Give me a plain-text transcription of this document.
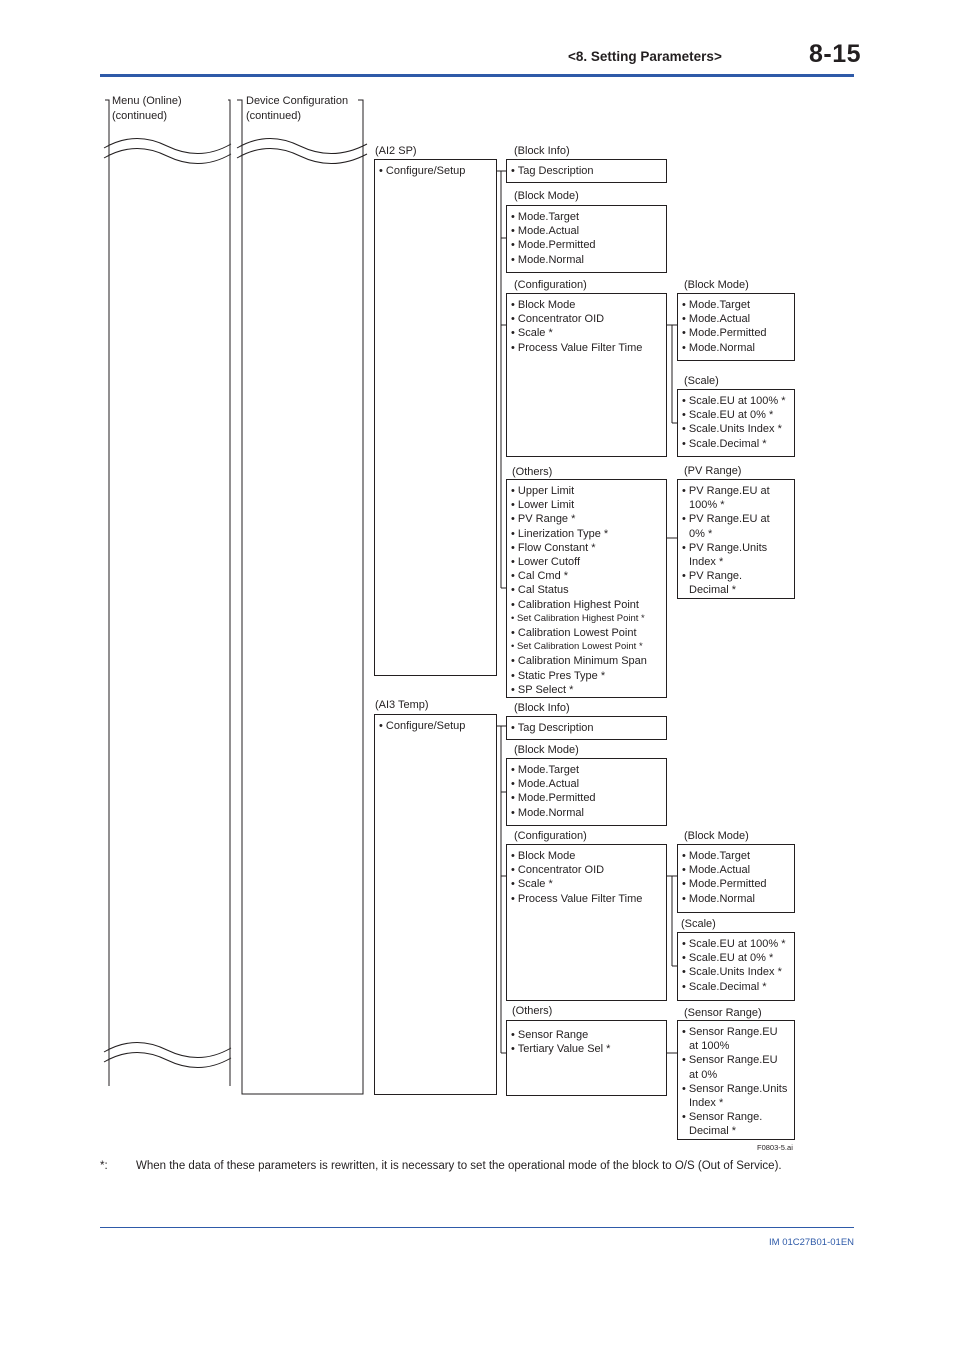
<8. Setting Parameters>	8-15
Menu (Online)
(continued)
Device Configuration
(continued)
(AI2 SP)
• Configure/Setup
(Block Info)
• Tag Description
(Block Mode)
• Mode.Target
• Mode.Actual
• Mode.Permitted
• Mode.Normal
(Configuration)
• Block Mode
• Concentrator OID
• Scale *
• Process Value Filter Time
(Block Mode)
• Mode.Target
• Mode.Actual
• Mode.Permitted
• Mode.Normal
(Scale)
• Scale.EU at 100% *
• Scale.EU at 0% *
• Scale.Units Index *
• Scale.Decimal *
(Others)
• Upper Limit
• Lower Limit
• PV Range *
• Linerization Type *
• Flow Constant *
• Lower Cutoff
• Cal Cmd *
• Cal Status
• Calibration Highest Point
• Set Calibration Highest Point *
• Calibration Lowest Point
• Set Calibration Lowest Point *
• Calibration Minimum Span
• Static Pres Type *
• SP Select *
(PV Range)
• PV Range.EU at
100% *
• PV Range.EU at
0% *
• PV Range.Units
Index *
• PV Range.
Decimal *
(AI3 Temp)
• Configure/Setup
(Block Info)
• Tag Description
(Block Mode)
• Mode.Target
• Mode.Actual
• Mode.Permitted
• Mode.Normal
(Configuration)
• Block Mode
• Concentrator OID
• Scale *
• Process Value Filter Time
(Block Mode)
• Mode.Target
• Mode.Actual
• Mode.Permitted
• Mode.Normal
(Scale)
• Scale.EU at 100% *
• Scale.EU at 0% *
• Scale.Units Index *
• Scale.Decimal *
(Others)
• Sensor Range
• Tertiary Value Sel *
(Sensor Range)
• Sensor Range.EU
at 100%
• Sensor Range.EU
at 0%
• Sensor Range.Units
Index *
• Sensor Range.
Decimal *
F0803-5.ai
*: When the data of these parameters is rewritten, it is necessary to set the operational mode of the block to O/S (Out of Service).
IM 01C27B01-01EN
